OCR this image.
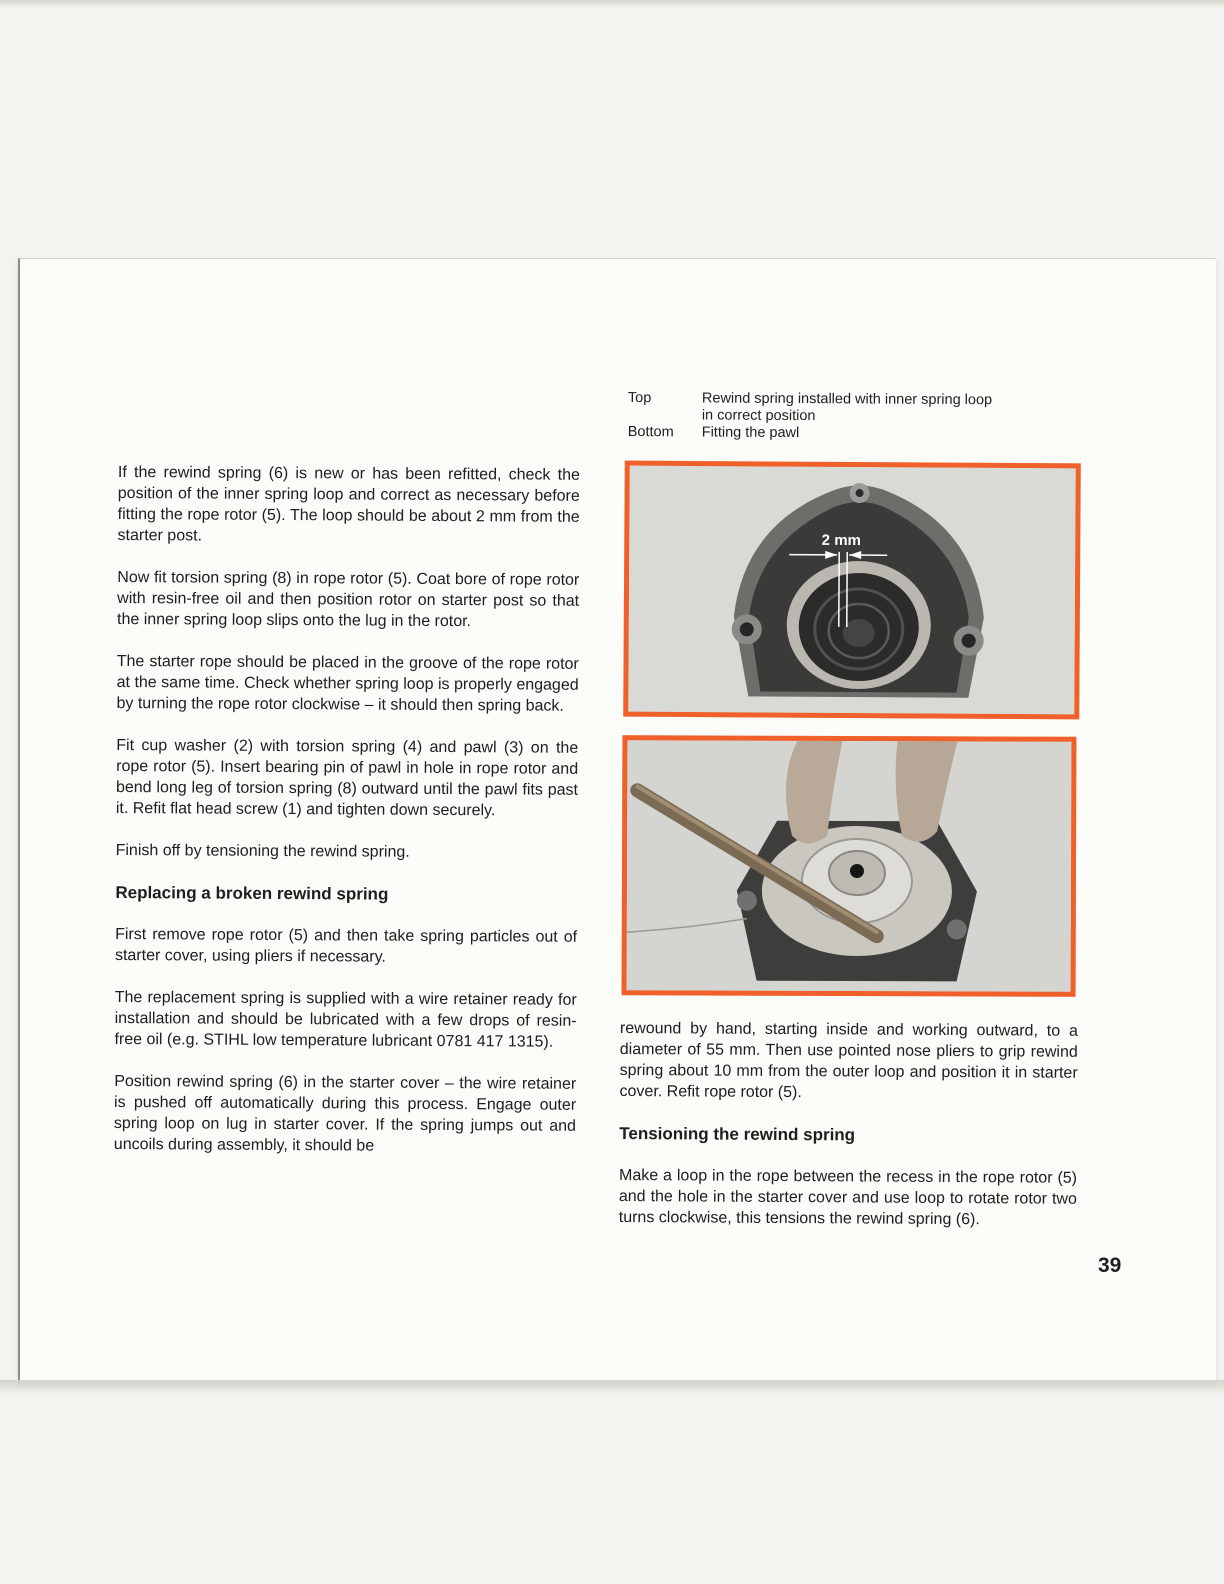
If the rewind spring (6) is new or has been refitted, check the position of the inner spring loop and correct as necessary before fitting the rope rotor (5). The loop should be about 2 mm from the starter post.

Now fit torsion spring (8) in rope rotor (5). Coat bore of rope rotor with resin-free oil and then position rotor on starter post so that the inner spring loop slips onto the lug in the rotor.

The starter rope should be placed in the groove of the rope rotor at the same time. Check whether spring loop is properly engaged by turning the rope rotor clockwise – it should then spring back.

Fit cup washer (2) with torsion spring (4) and pawl (3) on the rope rotor (5). Insert bearing pin of pawl in hole in rope rotor and bend long leg of torsion spring (8) outward until the pawl fits past it. Refit flat head screw (1) and tighten down securely.

Finish off by tensioning the rewind spring.

Replacing a broken rewind spring

First remove rope rotor (5) and then take spring particles out of starter cover, using pliers if necessary.

The replacement spring is supplied with a wire retainer ready for installation and should be lubricated with a few drops of resin-free oil (e.g. STIHL low temperature lubricant 0781 417 1315).

Position rewind spring (6) in the starter cover – the wire retainer is pushed off automatically during this process. Engage outer spring loop on lug in starter cover. If the spring jumps out and uncoils during assembly, it should be

Top	Rewind spring installed with inner spring loop
in correct position
Bottom	Fitting the pawl
2 mm

rewound by hand, starting inside and working outward, to a diameter of 55 mm. Then use pointed nose pliers to grip rewind spring about 10 mm from the outer loop and position it in starter cover. Refit rope rotor (5).

Tensioning the rewind spring

Make a loop in the rope between the recess in the rope rotor (5) and the hole in the starter cover and use loop to rotate rotor two turns clockwise, this tensions the rewind spring (6).

39
